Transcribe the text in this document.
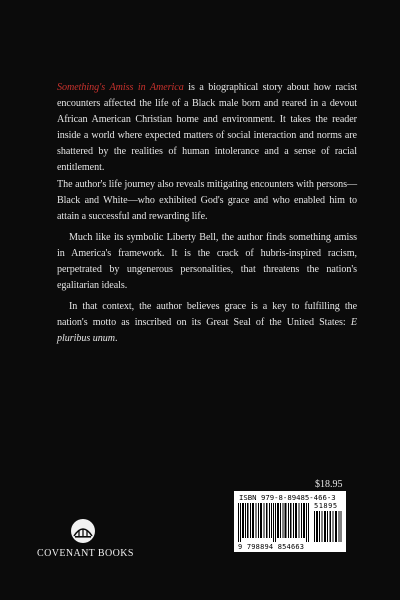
Something's Amiss in America is a biographical story about how racist encounters affected the life of a Black male born and reared in a devout African American Christian home and environment. It takes the reader inside a world where expected matters of social interaction and norms are shattered by the realities of human intolerance and a sense of racial entitlement.

The author's life journey also reveals mitigating encounters with persons—Black and White—who exhibited God's grace and who enabled him to attain a successful and rewarding life.

Much like its symbolic Liberty Bell, the author finds something amiss in America's framework. It is the crack of hubris-inspired racism, perpetrated by ungenerous personalities, that threatens the nation's egalitarian ideals.

In that context, the author believes grace is a key to fulfilling the nation's motto as inscribed on its Great Seal of the United States: E pluribus unum.

$18.95
ISBN 979-8-89485-466-3
51895
9 798894 854663
COVENANT BOOKS
